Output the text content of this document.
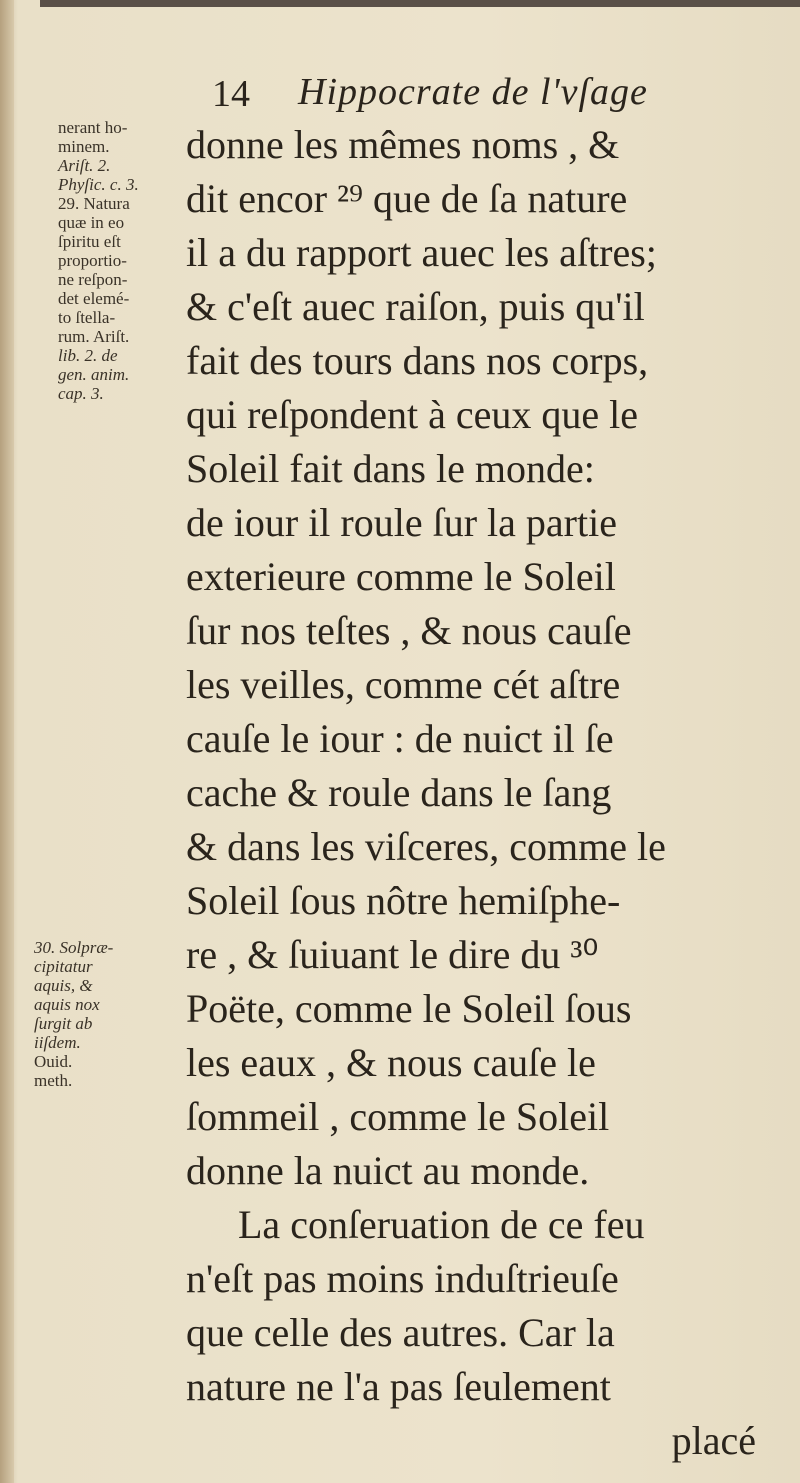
14 Hippocrate de l'vſage
nerant ho-
minem.
Ariſt. 2.
Phyſic. c. 3.
29. Natura
quæ in eo
ſpiritu eſt
proportio-
ne reſpon-
det elemé-
to ſtella-
rum. Ariſt.
lib. 2. de
gen. anim.
cap. 3.
30. Solpræ-
cipitatur
aquis, &
aquis nox
ſurgit ab
iiſdem.
Ouid.
meth.
donne les mêmes noms , &
dit encor ²⁹ que de ſa nature
il a du rapport auec les aſtres;
& c'eſt auec raiſon, puis qu'il
fait des tours dans nos corps,
qui reſpondent à ceux que le
Soleil fait dans le monde:
de iour il roule ſur la partie
exterieure comme le Soleil
ſur nos teſtes , & nous cauſe
les veilles, comme cét aſtre
cauſe le iour : de nuict il ſe
cache & roule dans le ſang
& dans les viſceres, comme le
Soleil ſous nôtre hemiſphe-
re , & ſuiuant le dire du ³⁰
Poëte, comme le Soleil ſous
les eaux , & nous cauſe le
ſommeil , comme le Soleil
donne la nuict au monde.
La conſeruation de ce feu
n'eſt pas moins induſtrieuſe
que celle des autres. Car la
nature ne l'a pas ſeulement
placé
